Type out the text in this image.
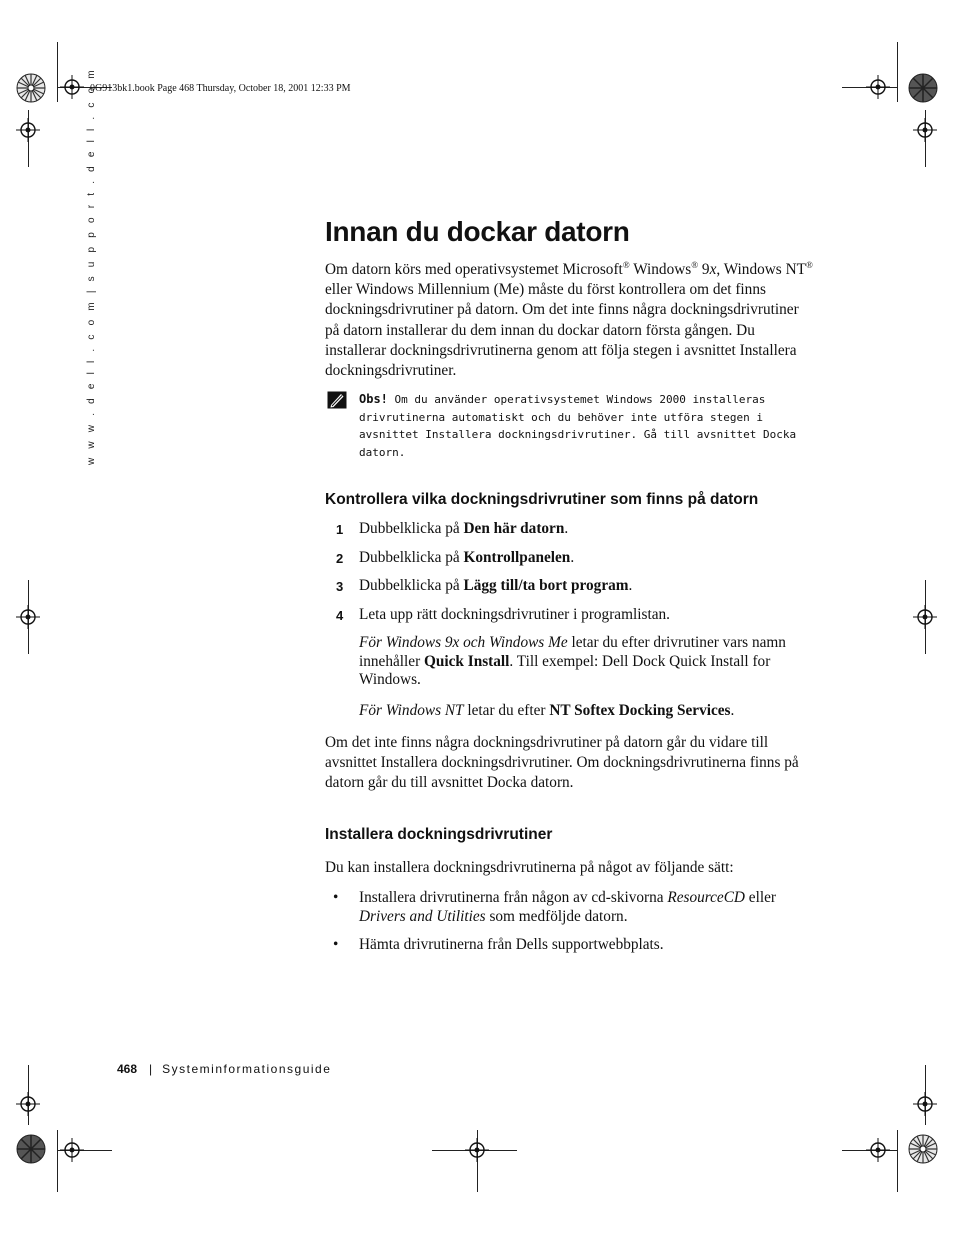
0G913bk1.book Page 468 Thursday, October 18, 2001 12:33 PM
w w w . d e l l . c o m | s u p p o r t . d e l l . c o m	Innan du dockar datorn

Om datorn körs med operativsystemet Microsoft® Windows® 9x, Windows NT® eller Windows Millennium (Me) måste du först kontrollera om det finns dockningsdrivrutiner på datorn. Om det inte finns några dockningsdrivrutiner på datorn installerar du dem innan du dockar datorn första gången. Du installerar dockningsdrivrutinerna genom att följa stegen i avsnittet Installera dockningsdrivrutiner.

Obs! Om du använder operativsystemet Windows 2000 installeras drivrutinerna automatiskt och du behöver inte utföra stegen i avsnittet Installera dockningsdrivrutiner. Gå till avsnittet Docka datorn.
Kontrollera vilka dockningsdrivrutiner som finns på datorn
1 Dubbelklicka på Den här datorn.
2 Dubbelklicka på Kontrollpanelen.
3 Dubbelklicka på Lägg till/ta bort program.
4 Leta upp rätt dockningsdrivrutiner i programlistan.
För Windows 9x och Windows Me letar du efter drivrutiner vars namn innehåller Quick Install. Till exempel: Dell Dock Quick Install for Windows.
För Windows NT letar du efter NT Softex Docking Services.

Om det inte finns några dockningsdrivrutiner på datorn går du vidare till avsnittet Installera dockningsdrivrutiner. Om dockningsdrivrutinerna finns på datorn går du till avsnittet Docka datorn.

Installera dockningsdrivrutiner

Du kan installera dockningsdrivrutinerna på något av följande sätt:

• Installera drivrutinerna från någon av cd-skivorna ResourceCD eller Drivers and Utilities som medföljde datorn.
• Hämta drivrutinerna från Dells supportwebbplats.
468 | Systeminformationsguide
